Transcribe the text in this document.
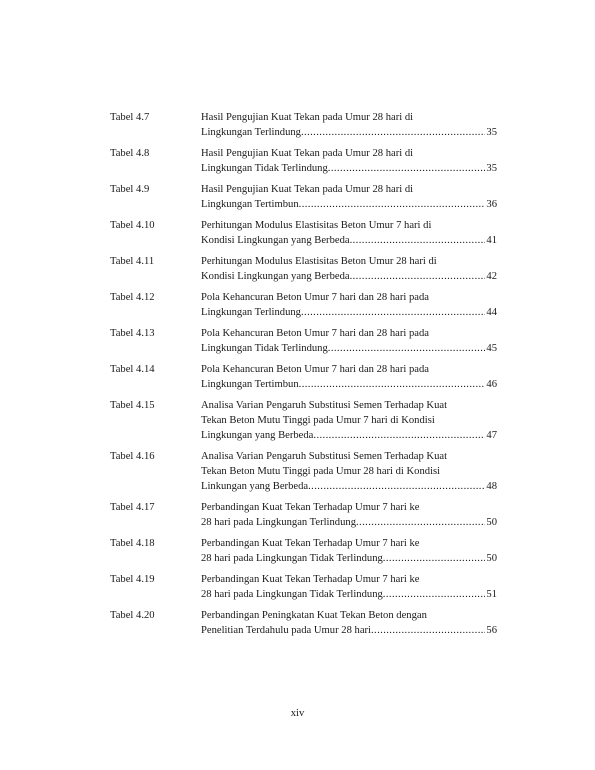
Tabel 4.7	Hasil Pengujian Kuat Tekan pada Umur 28 hari di
Lingkungan Terlindung .....	35
Tabel 4.8	Hasil Pengujian Kuat Tekan pada Umur 28 hari di
Lingkungan Tidak Terlindung .....	35
Tabel 4.9	Hasil Pengujian Kuat Tekan pada Umur 28 hari di
Lingkungan Tertimbun .....	36
Tabel 4.10	Perhitungan Modulus Elastisitas Beton Umur 7 hari di
Kondisi Lingkungan yang Berbeda .....	41
Tabel 4.11	Perhitungan Modulus Elastisitas Beton Umur 28 hari di
Kondisi Lingkungan yang Berbeda .....	42
Tabel 4.12	Pola Kehancuran Beton Umur 7 hari dan 28 hari pada
Lingkungan Terlindung .....	44
Tabel 4.13	Pola Kehancuran Beton Umur 7 hari dan 28 hari pada
Lingkungan Tidak Terlindung .....	45
Tabel 4.14	Pola Kehancuran Beton Umur 7 hari dan 28 hari pada
Lingkungan Tertimbun .....	46
Tabel 4.15	Analisa Varian Pengaruh Substitusi Semen Terhadap Kuat
Tekan Beton Mutu Tinggi pada Umur 7 hari di Kondisi
Lingkungan yang Berbeda .....	47
Tabel 4.16	Analisa Varian Pengaruh Substitusi Semen Terhadap Kuat
Tekan Beton Mutu Tinggi pada Umur 28 hari di Kondisi
Linkungan yang Berbeda .....	48
Tabel 4.17	Perbandingan Kuat Tekan Terhadap Umur 7 hari ke
28 hari pada Lingkungan Terlindung .....	50
Tabel 4.18	Perbandingan Kuat Tekan Terhadap Umur 7 hari ke
28 hari pada Lingkungan Tidak Terlindung .....	50
Tabel 4.19	Perbandingan Kuat Tekan Terhadap Umur 7 hari ke
28 hari pada Lingkungan Tidak Terlindung .....	51
Tabel 4.20	Perbandingan Peningkatan Kuat Tekan Beton dengan
Penelitian Terdahulu pada Umur 28 hari .....	56
xiv
